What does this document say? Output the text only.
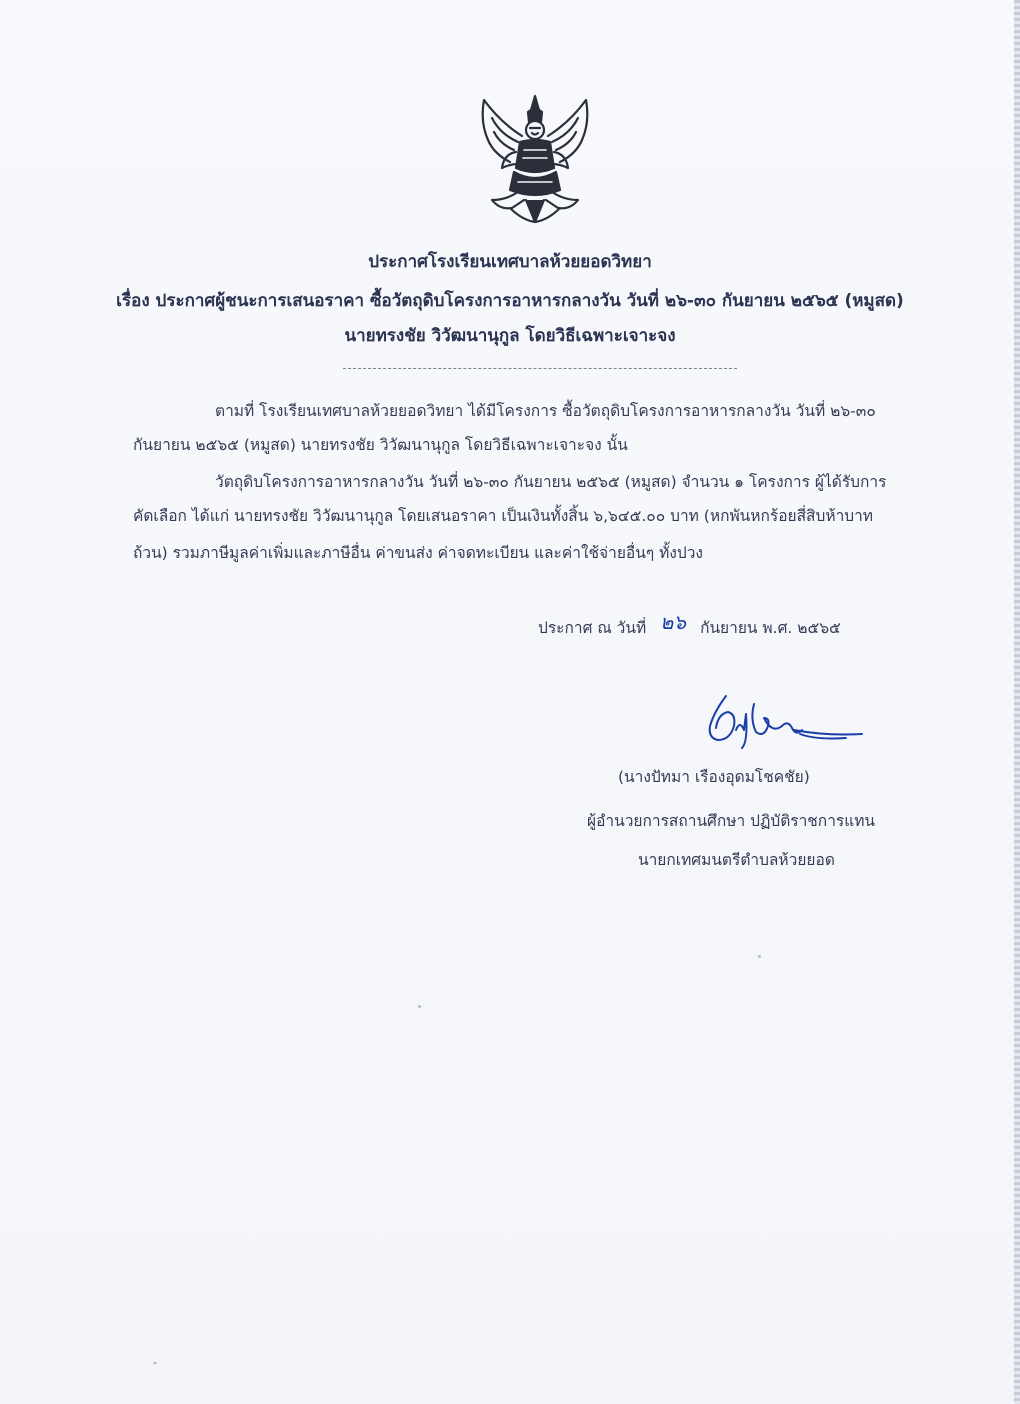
ประกาศโรงเรียนเทศบาลห้วยยอดวิทยา
เรื่อง ประกาศผู้ชนะการเสนอราคา ซื้อวัตถุดิบโครงการอาหารกลางวัน วันที่ ๒๖-๓๐ กันยายน ๒๕๖๕ (หมูสด)
นายทรงชัย วิวัฒนานุกูล โดยวิธีเฉพาะเจาะจง
ตามที่ โรงเรียนเทศบาลห้วยยอดวิทยา ได้มีโครงการ ซื้อวัตถุดิบโครงการอาหารกลางวัน วันที่ ๒๖-๓๐
กันยายน ๒๕๖๕ (หมูสด) นายทรงชัย วิวัฒนานุกูล โดยวิธีเฉพาะเจาะจง นั้น
วัตถุดิบโครงการอาหารกลางวัน วันที่ ๒๖-๓๐ กันยายน ๒๕๖๕ (หมูสด) จำนวน ๑ โครงการ ผู้ได้รับการ
คัดเลือก ได้แก่ นายทรงชัย วิวัฒนานุกูล โดยเสนอราคา เป็นเงินทั้งสิ้น ๖,๖๔๕.๐๐ บาท (หกพันหกร้อยสี่สิบห้าบาท
ถ้วน) รวมภาษีมูลค่าเพิ่มและภาษีอื่น ค่าขนส่ง ค่าจดทะเบียน และค่าใช้จ่ายอื่นๆ ทั้งปวง
ประกาศ ณ วันที่ ๒๖ กันยายน พ.ศ. ๒๕๖๕
(นางปัทมา เรืองอุดมโชคชัย)
ผู้อำนวยการสถานศึกษา ปฏิบัติราชการแทน
นายกเทศมนตรีตำบลห้วยยอด
